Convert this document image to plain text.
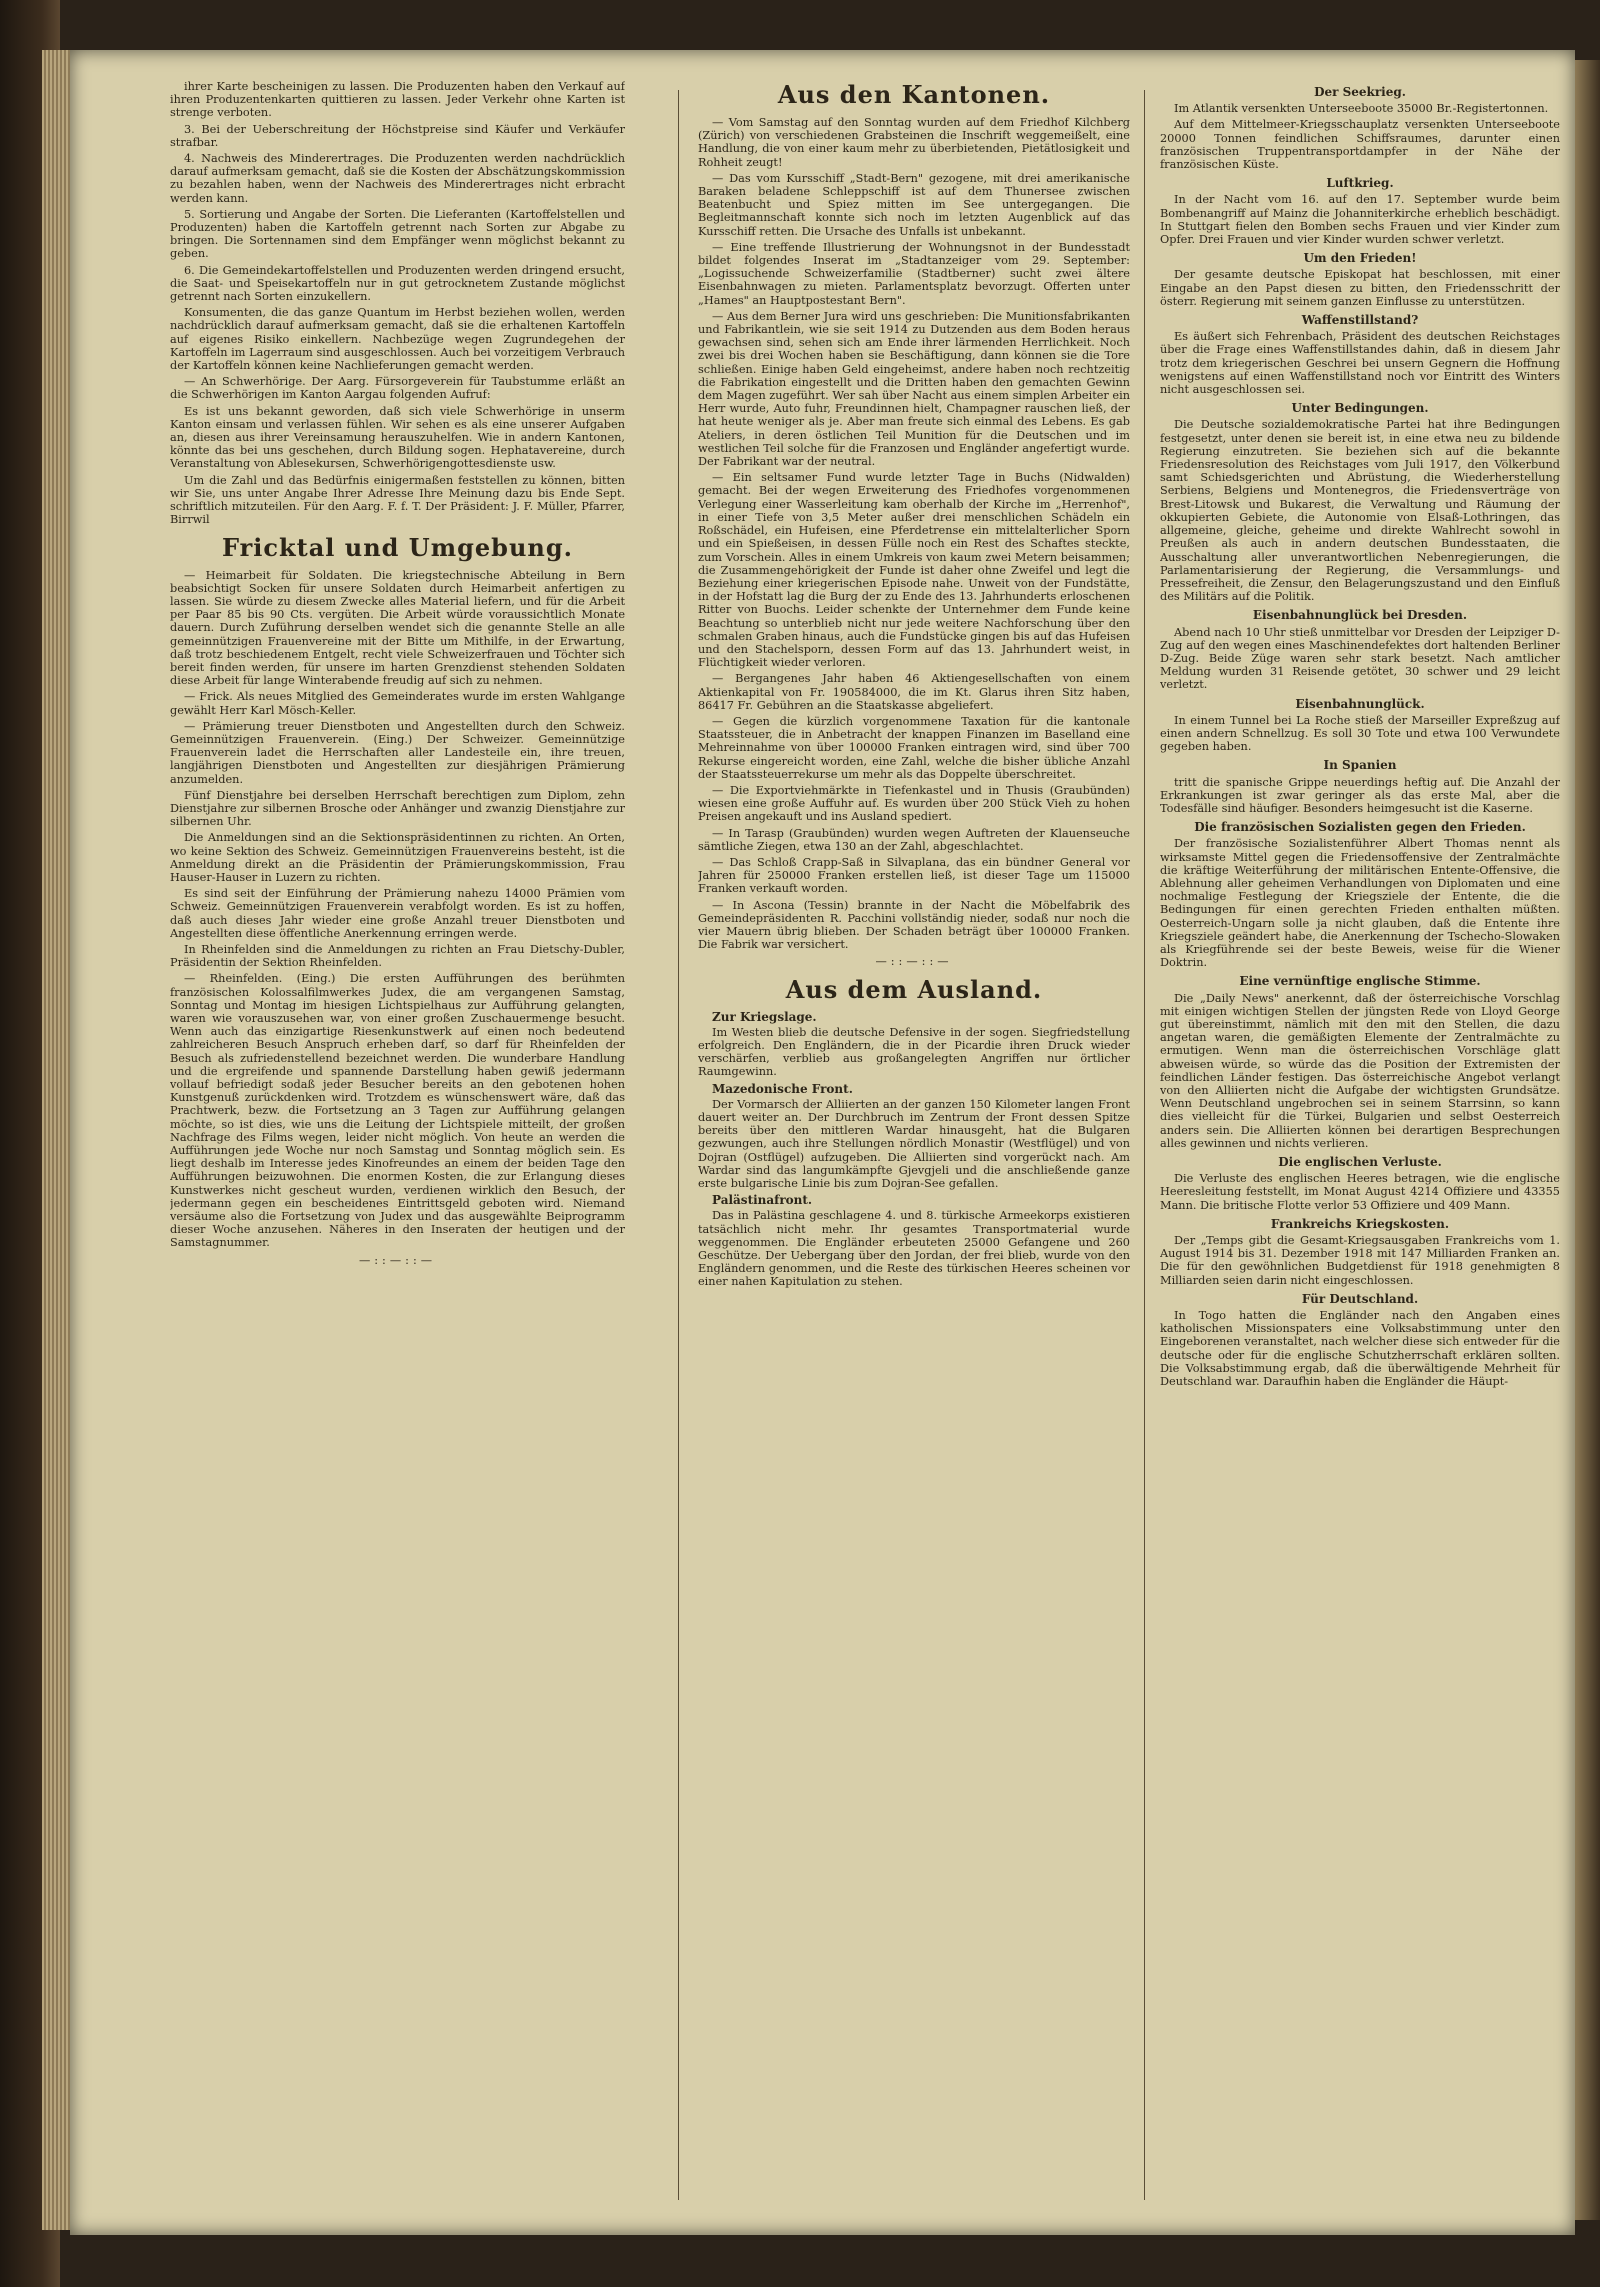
ihrer Karte bescheinigen zu lassen. Die Produzenten haben den Verkauf auf ihren Produzentenkarten quittieren zu lassen. Jeder Verkehr ohne Karten ist strenge verboten.

3. Bei der Ueberschreitung der Höchstpreise sind Käufer und Verkäufer strafbar.

4. Nachweis des Minderertrages. Die Produzenten werden nachdrücklich darauf aufmerksam gemacht, daß sie die Kosten der Abschätzungskommission zu bezahlen haben, wenn der Nachweis des Minderertrages nicht erbracht werden kann.

5. Sortierung und Angabe der Sorten. Die Lieferanten (Kartoffelstellen und Produzenten) haben die Kartoffeln getrennt nach Sorten zur Abgabe zu bringen. Die Sortennamen sind dem Empfänger wenn möglichst bekannt zu geben.

6. Die Gemeindekartoffelstellen und Produzenten werden dringend ersucht, die Saat- und Speisekartoffeln nur in gut getrocknetem Zustande möglichst getrennt nach Sorten einzukellern.

Konsumenten, die das ganze Quantum im Herbst beziehen wollen, werden nachdrücklich darauf aufmerksam gemacht, daß sie die erhaltenen Kartoffeln auf eigenes Risiko einkellern. Nachbezüge wegen Zugrundegehen der Kartoffeln im Lagerraum sind ausgeschlossen. Auch bei vorzeitigem Verbrauch der Kartoffeln können keine Nachlieferungen gemacht werden.

— An Schwerhörige. Der Aarg. Fürsorgeverein für Taubstumme erläßt an die Schwerhörigen im Kanton Aargau folgenden Aufruf:

Es ist uns bekannt geworden, daß sich viele Schwerhörige in unserm Kanton einsam und verlassen fühlen. Wir sehen es als eine unserer Aufgaben an, diesen aus ihrer Vereinsamung herauszuhelfen. Wie in andern Kantonen, könnte das bei uns geschehen, durch Bildung sogen. Hephatavereine, durch Veranstaltung von Ablesekursen, Schwerhörigengottesdienste usw.

Um die Zahl und das Bedürfnis einigermaßen feststellen zu können, bitten wir Sie, uns unter Angabe Ihrer Adresse Ihre Meinung dazu bis Ende Sept. schriftlich mitzuteilen. Für den Aarg. F. f. T. Der Präsident: J. F. Müller, Pfarrer, Birrwil

Fricktal und Umgebung.

— Heimarbeit für Soldaten. Die kriegstechnische Abteilung in Bern beabsichtigt Socken für unsere Soldaten durch Heimarbeit anfertigen zu lassen. Sie würde zu diesem Zwecke alles Material liefern, und für die Arbeit per Paar 85 bis 90 Cts. vergüten. Die Arbeit würde voraussichtlich Monate dauern. Durch Zuführung derselben wendet sich die genannte Stelle an alle gemeinnützigen Frauenvereine mit der Bitte um Mithilfe, in der Erwartung, daß trotz beschiedenem Entgelt, recht viele Schweizerfrauen und Töchter sich bereit finden werden, für unsere im harten Grenzdienst stehenden Soldaten diese Arbeit für lange Winterabende freudig auf sich zu nehmen.

— Frick. Als neues Mitglied des Gemeinderates wurde im ersten Wahlgange gewählt Herr Karl Mösch-Keller.

— Prämierung treuer Dienstboten und Angestellten durch den Schweiz. Gemeinnützigen Frauenverein. (Eing.) Der Schweizer. Gemeinnützige Frauenverein ladet die Herrschaften aller Landesteile ein, ihre treuen, langjährigen Dienstboten und Angestellten zur diesjährigen Prämierung anzumelden.

Fünf Dienstjahre bei derselben Herrschaft berechtigen zum Diplom, zehn Dienstjahre zur silbernen Brosche oder Anhänger und zwanzig Dienstjahre zur silbernen Uhr.

Die Anmeldungen sind an die Sektionspräsidentinnen zu richten. An Orten, wo keine Sektion des Schweiz. Gemeinnützigen Frauenvereins besteht, ist die Anmeldung direkt an die Präsidentin der Prämierungskommission, Frau Hauser-Hauser in Luzern zu richten.

Es sind seit der Einführung der Prämierung nahezu 14000 Prämien vom Schweiz. Gemeinnützigen Frauenverein verabfolgt worden. Es ist zu hoffen, daß auch dieses Jahr wieder eine große Anzahl treuer Dienstboten und Angestellten diese öffentliche Anerkennung erringen werde.

In Rheinfelden sind die Anmeldungen zu richten an Frau Dietschy-Dubler, Präsidentin der Sektion Rheinfelden.

— Rheinfelden. (Eing.) Die ersten Aufführungen des berühmten französischen Kolossalfilmwerkes Judex, die am vergangenen Samstag, Sonntag und Montag im hiesigen Lichtspielhaus zur Aufführung gelangten, waren wie vorauszusehen war, von einer großen Zuschauermenge besucht. Wenn auch das einzigartige Riesenkunstwerk auf einen noch bedeutend zahlreicheren Besuch Anspruch erheben darf, so darf für Rheinfelden der Besuch als zufriedenstellend bezeichnet werden. Die wunderbare Handlung und die ergreifende und spannende Darstellung haben gewiß jedermann vollauf befriedigt sodaß jeder Besucher bereits an den gebotenen hohen Kunstgenuß zurückdenken wird. Trotzdem es wünschenswert wäre, daß das Prachtwerk, bezw. die Fortsetzung an 3 Tagen zur Aufführung gelangen möchte, so ist dies, wie uns die Leitung der Lichtspiele mitteilt, der großen Nachfrage des Films wegen, leider nicht möglich. Von heute an werden die Aufführungen jede Woche nur noch Samstag und Sonntag möglich sein. Es liegt deshalb im Interesse jedes Kinofreundes an einem der beiden Tage den Aufführungen beizuwohnen. Die enormen Kosten, die zur Erlangung dieses Kunstwerkes nicht gescheut wurden, verdienen wirklich den Besuch, der jedermann gegen ein bescheidenes Eintrittsgeld geboten wird. Niemand versäume also die Fortsetzung von Judex und das ausgewählte Beiprogramm dieser Woche anzusehen. Näheres in den Inseraten der heutigen und der Samstagnummer.

—::—::—
Aus den Kantonen.

— Vom Samstag auf den Sonntag wurden auf dem Friedhof Kilchberg (Zürich) von verschiedenen Grabsteinen die Inschrift weggemeißelt, eine Handlung, die von einer kaum mehr zu überbietenden, Pietätlosigkeit und Rohheit zeugt!

— Das vom Kursschiff „Stadt-Bern" gezogene, mit drei amerikanische Baraken beladene Schleppschiff ist auf dem Thunersee zwischen Beatenbucht und Spiez mitten im See untergegangen. Die Begleitmannschaft konnte sich noch im letzten Augenblick auf das Kursschiff retten. Die Ursache des Unfalls ist unbekannt.

— Eine treffende Illustrierung der Wohnungsnot in der Bundesstadt bildet folgendes Inserat im „Stadtanzeiger vom 29. September: „Logissuchende Schweizerfamilie (Stadtberner) sucht zwei ältere Eisenbahnwagen zu mieten. Parlamentsplatz bevorzugt. Offerten unter „Hames" an Hauptpostestant Bern".

— Aus dem Berner Jura wird uns geschrieben: Die Munitionsfabrikanten und Fabrikantlein, wie sie seit 1914 zu Dutzenden aus dem Boden heraus gewachsen sind, sehen sich am Ende ihrer lärmenden Herrlichkeit. Noch zwei bis drei Wochen haben sie Beschäftigung, dann können sie die Tore schließen. Einige haben Geld eingeheimst, andere haben noch rechtzeitig die Fabrikation eingestellt und die Dritten haben den gemachten Gewinn dem Magen zugeführt. Wer sah über Nacht aus einem simplen Arbeiter ein Herr wurde, Auto fuhr, Freundinnen hielt, Champagner rauschen ließ, der hat heute weniger als je. Aber man freute sich einmal des Lebens. Es gab Ateliers, in deren östlichen Teil Munition für die Deutschen und im westlichen Teil solche für die Franzosen und Engländer angefertigt wurde. Der Fabrikant war der neutral.

— Ein seltsamer Fund wurde letzter Tage in Buchs (Nidwalden) gemacht. Bei der wegen Erweiterung des Friedhofes vorgenommenen Verlegung einer Wasserleitung kam oberhalb der Kirche im „Herrenhof", in einer Tiefe von 3,5 Meter außer drei menschlichen Schädeln ein Roßschädel, ein Hufeisen, eine Pferdetrense ein mittelalterlicher Sporn und ein Spießeisen, in dessen Fülle noch ein Rest des Schaftes steckte, zum Vorschein. Alles in einem Umkreis von kaum zwei Metern beisammen; die Zusammengehörigkeit der Funde ist daher ohne Zweifel und legt die Beziehung einer kriegerischen Episode nahe. Unweit von der Fundstätte, in der Hofstatt lag die Burg der zu Ende des 13. Jahrhunderts erloschenen Ritter von Buochs. Leider schenkte der Unternehmer dem Funde keine Beachtung so unterblieb nicht nur jede weitere Nachforschung über den schmalen Graben hinaus, auch die Fundstücke gingen bis auf das Hufeisen und den Stachelsporn, dessen Form auf das 13. Jahrhundert weist, in Flüchtigkeit wieder verloren.

— Bergangenes Jahr haben 46 Aktiengesellschaften von einem Aktienkapital von Fr. 190584000, die im Kt. Glarus ihren Sitz haben, 86417 Fr. Gebühren an die Staatskasse abgeliefert.

— Gegen die kürzlich vorgenommene Taxation für die kantonale Staatssteuer, die in Anbetracht der knappen Finanzen im Baselland eine Mehreinnahme von über 100000 Franken eintragen wird, sind über 700 Rekurse eingereicht worden, eine Zahl, welche die bisher übliche Anzahl der Staatssteuerrekurse um mehr als das Doppelte überschreitet.

— Die Exportviehmärkte in Tiefenkastel und in Thusis (Graubünden) wiesen eine große Auffuhr auf. Es wurden über 200 Stück Vieh zu hohen Preisen angekauft und ins Ausland spediert.

— In Tarasp (Graubünden) wurden wegen Auftreten der Klauenseuche sämtliche Ziegen, etwa 130 an der Zahl, abgeschlachtet.

— Das Schloß Crapp-Saß in Silvaplana, das ein bündner General vor Jahren für 250000 Franken erstellen ließ, ist dieser Tage um 115000 Franken verkauft worden.

— In Ascona (Tessin) brannte in der Nacht die Möbelfabrik des Gemeindepräsidenten R. Pacchini vollständig nieder, sodaß nur noch die vier Mauern übrig blieben. Der Schaden beträgt über 100000 Franken. Die Fabrik war versichert.

—::—::—
Aus dem Ausland.
Zur Kriegslage.

Im Westen blieb die deutsche Defensive in der sogen. Siegfriedstellung erfolgreich. Den Engländern, die in der Picardie ihren Druck wieder verschärfen, verblieb aus großangelegten Angriffen nur örtlicher Raumgewinn.

Mazedonische Front.

Der Vormarsch der Alliierten an der ganzen 150 Kilometer langen Front dauert weiter an. Der Durchbruch im Zentrum der Front dessen Spitze bereits über den mittleren Wardar hinausgeht, hat die Bulgaren gezwungen, auch ihre Stellungen nördlich Monastir (Westflügel) und von Dojran (Ostflügel) aufzugeben. Die Alliierten sind vorgerückt nach. Am Wardar sind das langumkämpfte Gjevgjeli und die anschließende ganze erste bulgarische Linie bis zum Dojran-See gefallen.

Palästinafront.

Das in Palästina geschlagene 4. und 8. türkische Armeekorps existieren tatsächlich nicht mehr. Ihr gesamtes Transportmaterial wurde weggenommen. Die Engländer erbeuteten 25000 Gefangene und 260 Geschütze. Der Uebergang über den Jordan, der frei blieb, wurde von den Engländern genommen, und die Reste des türkischen Heeres scheinen vor einer nahen Kapitulation zu stehen.

Der Seekrieg.

Im Atlantik versenkten Unterseeboote 35000 Br.-Registertonnen.

Auf dem Mittelmeer-Kriegsschauplatz versenkten Unterseeboote 20000 Tonnen feindlichen Schiffsraumes, darunter einen französischen Truppentransportdampfer in der Nähe der französischen Küste.

Luftkrieg.

In der Nacht vom 16. auf den 17. September wurde beim Bombenangriff auf Mainz die Johanniterkirche erheblich beschädigt. In Stuttgart fielen den Bomben sechs Frauen und vier Kinder zum Opfer. Drei Frauen und vier Kinder wurden schwer verletzt.

Um den Frieden!

Der gesamte deutsche Episkopat hat beschlossen, mit einer Eingabe an den Papst diesen zu bitten, den Friedensschritt der österr. Regierung mit seinem ganzen Einflusse zu unterstützen.

Waffenstillstand?

Es äußert sich Fehrenbach, Präsident des deutschen Reichstages über die Frage eines Waffenstillstandes dahin, daß in diesem Jahr trotz dem kriegerischen Geschrei bei unsern Gegnern die Hoffnung wenigstens auf einen Waffenstillstand noch vor Eintritt des Winters nicht ausgeschlossen sei.

Unter Bedingungen.

Die Deutsche sozialdemokratische Partei hat ihre Bedingungen festgesetzt, unter denen sie bereit ist, in eine etwa neu zu bildende Regierung einzutreten. Sie beziehen sich auf die bekannte Friedensresolution des Reichstages vom Juli 1917, den Völkerbund samt Schiedsgerichten und Abrüstung, die Wiederherstellung Serbiens, Belgiens und Montenegros, die Friedensverträge von Brest-Litowsk und Bukarest, die Verwaltung und Räumung der okkupierten Gebiete, die Autonomie von Elsaß-Lothringen, das allgemeine, gleiche, geheime und direkte Wahlrecht sowohl in Preußen als auch in andern deutschen Bundesstaaten, die Ausschaltung aller unverantwortlichen Nebenregierungen, die Parlamentarisierung der Regierung, die Versammlungs- und Pressefreiheit, die Zensur, den Belagerungszustand und den Einfluß des Militärs auf die Politik.

Eisenbahnunglück bei Dresden.

Abend nach 10 Uhr stieß unmittelbar vor Dresden der Leipziger D-Zug auf den wegen eines Maschinendefektes dort haltenden Berliner D-Zug. Beide Züge waren sehr stark besetzt. Nach amtlicher Meldung wurden 31 Reisende getötet, 30 schwer und 29 leicht verletzt.

Eisenbahnunglück.

In einem Tunnel bei La Roche stieß der Marseiller Expreßzug auf einen andern Schnellzug. Es soll 30 Tote und etwa 100 Verwundete gegeben haben.

In Spanien

tritt die spanische Grippe neuerdings heftig auf. Die Anzahl der Erkrankungen ist zwar geringer als das erste Mal, aber die Todesfälle sind häufiger. Besonders heimgesucht ist die Kaserne.

Die französischen Sozialisten gegen den Frieden.

Der französische Sozialistenführer Albert Thomas nennt als wirksamste Mittel gegen die Friedensoffensive der Zentralmächte die kräftige Weiterführung der militärischen Entente-Offensive, die Ablehnung aller geheimen Verhandlungen von Diplomaten und eine nochmalige Festlegung der Kriegsziele der Entente, die die Bedingungen für einen gerechten Frieden enthalten müßten. Oesterreich-Ungarn solle ja nicht glauben, daß die Entente ihre Kriegsziele geändert habe, die Anerkennung der Tschecho-Slowaken als Kriegführende sei der beste Beweis, weise für die Wiener Doktrin.

Eine vernünftige englische Stimme.

Die „Daily News" anerkennt, daß der österreichische Vorschlag mit einigen wichtigen Stellen der jüngsten Rede von Lloyd George gut übereinstimmt, nämlich mit den mit den Stellen, die dazu angetan waren, die gemäßigten Elemente der Zentralmächte zu ermutigen. Wenn man die österreichischen Vorschläge glatt abweisen würde, so würde das die Position der Extremisten der feindlichen Länder festigen. Das österreichische Angebot verlangt von den Alliierten nicht die Aufgabe der wichtigsten Grundsätze. Wenn Deutschland ungebrochen sei in seinem Starrsinn, so kann dies vielleicht für die Türkei, Bulgarien und selbst Oesterreich anders sein. Die Alliierten können bei derartigen Besprechungen alles gewinnen und nichts verlieren.

Die englischen Verluste.

Die Verluste des englischen Heeres betragen, wie die englische Heeresleitung feststellt, im Monat August 4214 Offiziere und 43355 Mann. Die britische Flotte verlor 53 Offiziere und 409 Mann.

Frankreichs Kriegskosten.

Der „Temps gibt die Gesamt-Kriegsausgaben Frankreichs vom 1. August 1914 bis 31. Dezember 1918 mit 147 Milliarden Franken an. Die für den gewöhnlichen Budgetdienst für 1918 genehmigten 8 Milliarden seien darin nicht eingeschlossen.

Für Deutschland.

In Togo hatten die Engländer nach den Angaben eines katholischen Missionspaters eine Volksabstimmung unter den Eingeborenen veranstaltet, nach welcher diese sich entweder für die deutsche oder für die englische Schutzherrschaft erklären sollten. Die Volksabstimmung ergab, daß die überwältigende Mehrheit für Deutschland war. Daraufhin haben die Engländer die Häupt-
